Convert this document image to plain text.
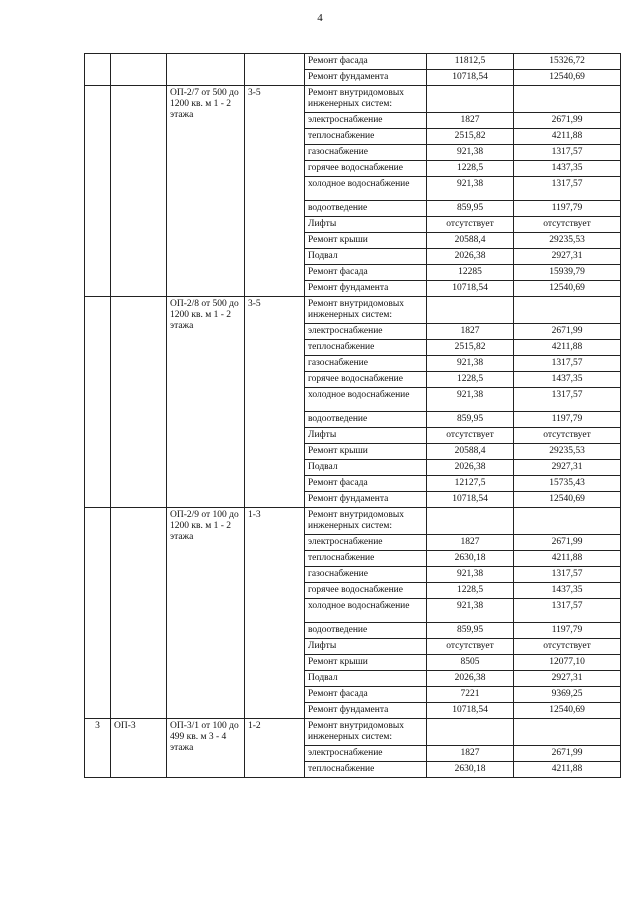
4
				Ремонт фасада	11812,5	15326,72
				Ремонт фундамента	10718,54	12540,69
		ОП-2/7 от 500 до 1200 кв. м 1 - 2 этажа	3-5	Ремонт внутридомовых инженерных систем:		
				электроснабжение	1827	2671,99
				теплоснабжение	2515,82	4211,88
				газоснабжение	921,38	1317,57
				горячее водоснабжение	1228,5	1437,35
				холодное водоснабжение	921,38	1317,57
				водоотведение	859,95	1197,79
				Лифты	отсутствует	отсутствует
				Ремонт крыши	20588,4	29235,53
				Подвал	2026,38	2927,31
				Ремонт фасада	12285	15939,79
				Ремонт фундамента	10718,54	12540,69
		ОП-2/8 от 500 до 1200 кв. м 1 - 2 этажа	3-5	Ремонт внутридомовых инженерных систем:		
				электроснабжение	1827	2671,99
				теплоснабжение	2515,82	4211,88
				газоснабжение	921,38	1317,57
				горячее водоснабжение	1228,5	1437,35
				холодное водоснабжение	921,38	1317,57
				водоотведение	859,95	1197,79
				Лифты	отсутствует	отсутствует
				Ремонт крыши	20588,4	29235,53
				Подвал	2026,38	2927,31
				Ремонт фасада	12127,5	15735,43
				Ремонт фундамента	10718,54	12540,69
		ОП-2/9 от 100 до 1200 кв. м 1 - 2 этажа	1-3	Ремонт внутридомовых инженерных систем:		
				электроснабжение	1827	2671,99
				теплоснабжение	2630,18	4211,88
				газоснабжение	921,38	1317,57
				горячее водоснабжение	1228,5	1437,35
				холодное водоснабжение	921,38	1317,57
				водоотведение	859,95	1197,79
				Лифты	отсутствует	отсутствует
				Ремонт крыши	8505	12077,10
				Подвал	2026,38	2927,31
				Ремонт фасада	7221	9369,25
				Ремонт фундамента	10718,54	12540,69
3	ОП-3	ОП-3/1 от 100 до 499 кв. м 3 - 4 этажа	1-2	Ремонт внутридомовых инженерных систем:		
				электроснабжение	1827	2671,99
				теплоснабжение	2630,18	4211,88
